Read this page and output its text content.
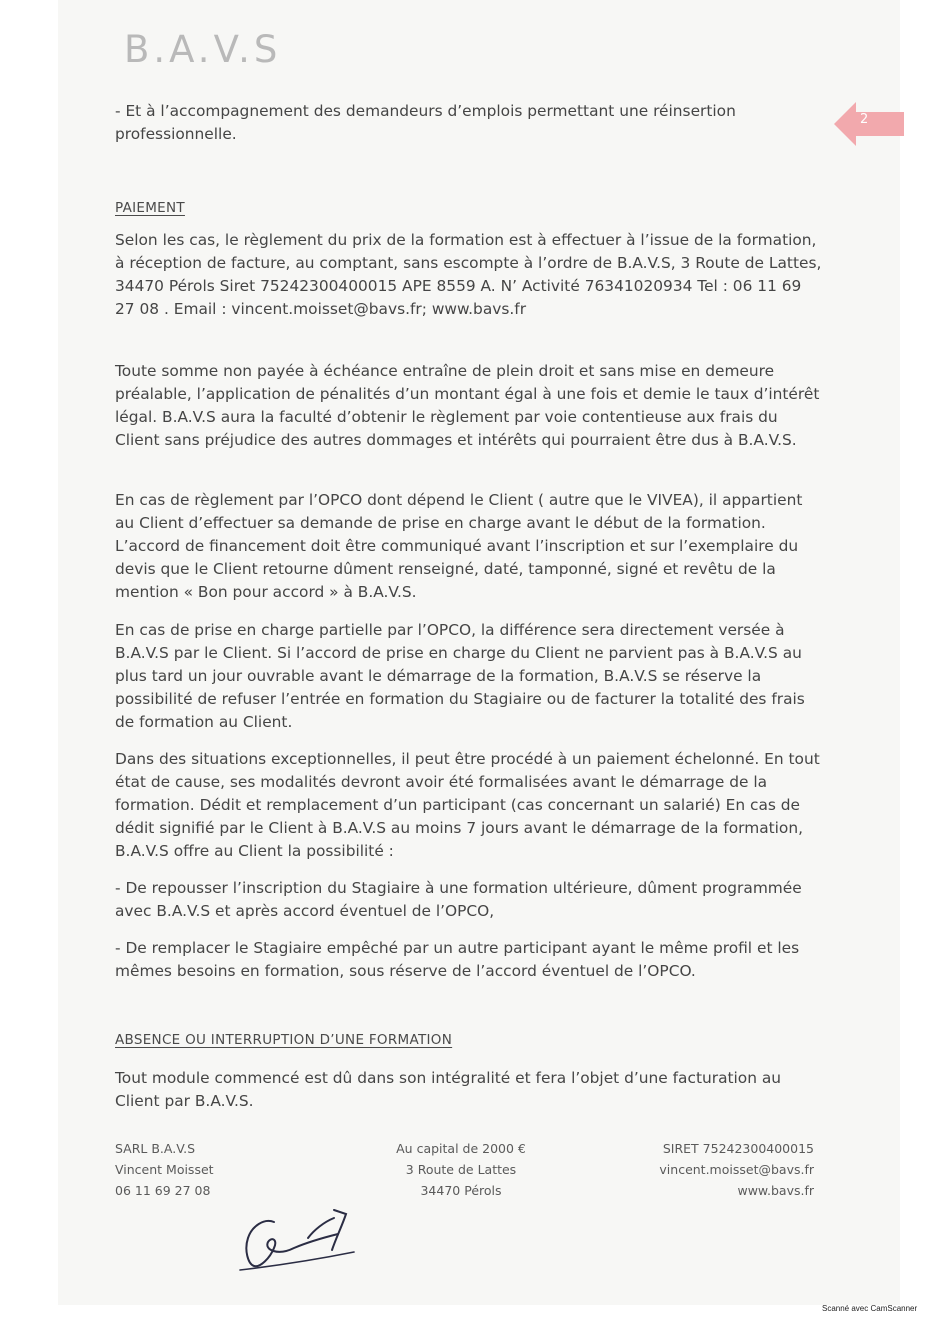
B.A.V.S
2

- Et à l’accompagnement des demandeurs d’emplois permettant une réinsertion professionnelle.

PAIEMENT

Selon les cas, le règlement du prix de la formation est à effectuer à l’issue de la formation, à réception de facture, au comptant, sans escompte à l’ordre de B.A.V.S, 3 Route de Lattes, 34470 Pérols Siret 75242300400015 APE 8559 A. N’ Activité 76341020934 Tel : 06 11 69 27 08 . Email : vincent.moisset@bavs.fr; www.bavs.fr

Toute somme non payée à échéance entraîne de plein droit et sans mise en demeure préalable, l’application de pénalités d’un montant égal à une fois et demie le taux d’intérêt légal. B.A.V.S aura la faculté d’obtenir le règlement par voie contentieuse aux frais du Client sans préjudice des autres dommages et intérêts qui pourraient être dus à B.A.V.S.

En cas de règlement par l’OPCO dont dépend le Client ( autre que le VIVEA), il appartient au Client d’effectuer sa demande de prise en charge avant le début de la formation. L’accord de financement doit être communiqué avant l’inscription et sur l’exemplaire du devis que le Client retourne dûment renseigné, daté, tamponné, signé et revêtu de la mention « Bon pour accord » à B.A.V.S.

En cas de prise en charge partielle par l’OPCO, la différence sera directement versée à B.A.V.S par le Client. Si l’accord de prise en charge du Client ne parvient pas à B.A.V.S au plus tard un jour ouvrable avant le démarrage de la formation, B.A.V.S se réserve la possibilité de refuser l’entrée en formation du Stagiaire ou de facturer la totalité des frais de formation au Client.

Dans des situations exceptionnelles, il peut être procédé à un paiement échelonné. En tout état de cause, ses modalités devront avoir été formalisées avant le démarrage de la formation. Dédit et remplacement d’un participant (cas concernant un salarié) En cas de dédit signifié par le Client à B.A.V.S au moins 7 jours avant le démarrage de la formation, B.A.V.S offre au Client la possibilité :

- De repousser l’inscription du Stagiaire à une formation ultérieure, dûment programmée avec B.A.V.S et après accord éventuel de l’OPCO,

- De remplacer le Stagiaire empêché par un autre participant ayant le même profil et les mêmes besoins en formation, sous réserve de l’accord éventuel de l’OPCO.

ABSENCE OU INTERRUPTION D’UNE FORMATION

Tout module commencé est dû dans son intégralité et fera l’objet d’une facturation au Client par B.A.V.S.

SARL B.A.V.S
Vincent Moisset
06 11 69 27 08
Au capital de 2000 €
3 Route de Lattes
34470 Pérols
SIRET 75242300400015
vincent.moisset@bavs.fr
www.bavs.fr
Scanné avec CamScanner
